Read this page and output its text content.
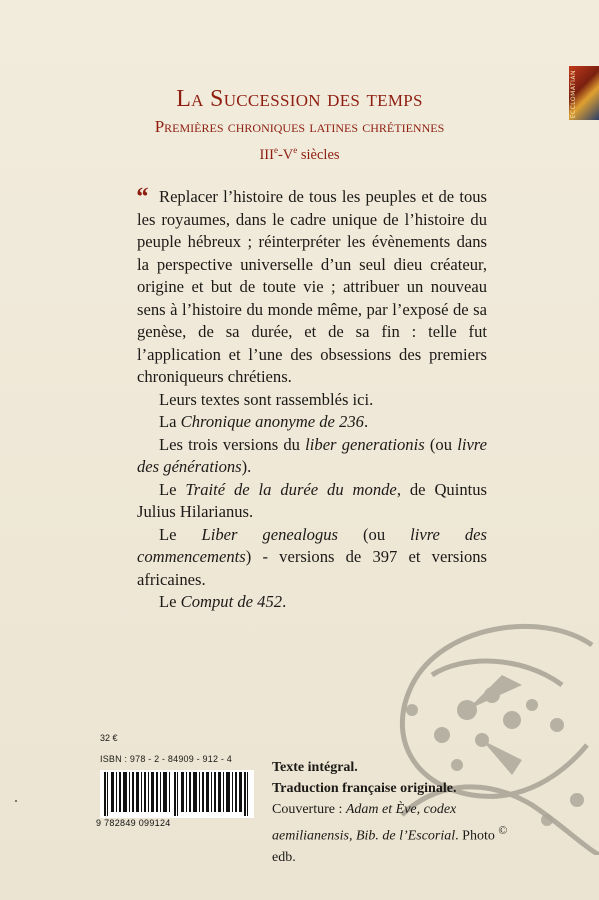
ECCLOMATIAN
La Succession des temps
Premières chroniques latines chrétiennes
IIIe-Ve siècles
“ Replacer l’histoire de tous les peuples et de tous les royaumes, dans le cadre unique de l’histoire du peuple hébreux ; réinterpréter les évènements dans la perspective universelle d’un seul dieu créateur, origine et but de toute vie ; attribuer un nouveau sens à l’histoire du monde même, par l’exposé de sa genèse, de sa durée, et de sa fin : telle fut l’application et l’une des obsessions des premiers chroniqueurs chrétiens.

Leurs textes sont rassemblés ici.

La Chronique anonyme de 236.

Les trois versions du liber generationis (ou livre des générations).

Le Traité de la durée du monde, de Quintus Julius Hilarianus.

Le Liber genealogus (ou livre des commencements) - versions de 397 et versions africaines.

Le Comput de 452.

32 €
ISBN : 978 - 2 - 84909 - 912 - 4
9 782849 099124
Texte intégral.
Traduction française originale.
Couverture : Adam et Ève, codex aemilianensis, Bib. de l’Escorial. Photo © edb.
